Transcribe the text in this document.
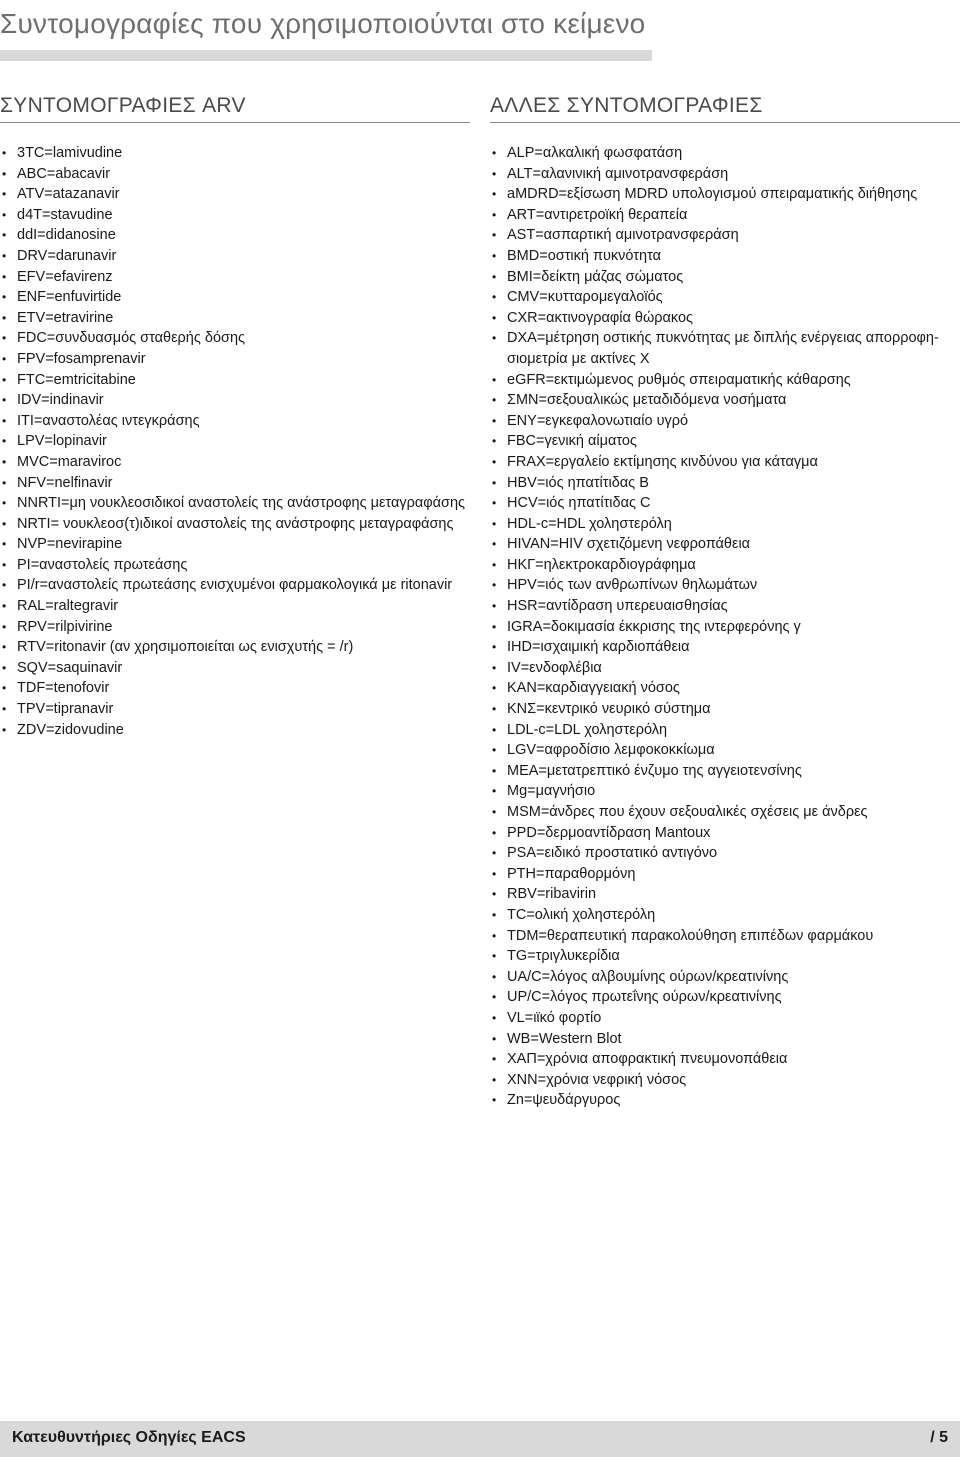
Συντομογραφίες που χρησιμοποιούνται στο κείμενο
ΣΥΝΤΟΜΟΓΡΑΦΙΕΣ ARV
• 3TC=lamivudine
• ABC=abacavir
• ATV=atazanavir
• d4T=stavudine
• ddI=didanosine
• DRV=darunavir
• EFV=efavirenz
• ENF=enfuvirtide
• ETV=etravirine
• FDC=συνδυασμός σταθερής δόσης
• FPV=fosamprenavir
• FTC=emtricitabine
• IDV=indinavir
• ITI=αναστολέας ιντεγκράσης
• LPV=lopinavir
• MVC=maraviroc
• NFV=nelfinavir
• NNRTI=μη νουκλεοσιδικοί αναστολείς της ανάστροφης μεταγραφάσης
• NRTI= νουκλεοσ(τ)ιδικοί αναστολείς της ανάστροφης μεταγραφάσης
• NVP=nevirapine
• PI=αναστολείς πρωτεάσης
• PI/r=αναστολείς πρωτεάσης ενισχυμένοι φαρμακολογικά με ritonavir
• RAL=raltegravir
• RPV=rilpivirine
• RTV=ritonavir (αν χρησιμοποιείται ως ενισχυτής = /r)
• SQV=saquinavir
• TDF=tenofovir
• TPV=tipranavir
• ZDV=zidovudine
ΑΛΛΕΣ ΣΥΝΤΟΜΟΓΡΑΦΙΕΣ
• ALP=αλκαλική φωσφατάση
• ALT=αλανινική αμινοτρανσφεράση
• aMDRD=εξίσωση MDRD υπολογισμού σπειραματικής διήθησης
• ART=αντιρετροϊκή θεραπεία
• AST=ασπαρτική αμινοτρανσφεράση
• BMD=οστική πυκνότητα
• BMI=δείκτη μάζας σώματος
• CMV=κυτταρομεγαλοϊός
• CXR=ακτινογραφία θώρακος
• DXA=μέτρηση οστικής πυκνότητας με διπλής ενέργειας απορροφη-σιομετρία με ακτίνες X
• eGFR=εκτιμώμενος ρυθμός σπειραματικής κάθαρσης
• ΣΜΝ=σεξουαλικώς μεταδιδόμενα νοσήματα
• ΕΝΥ=εγκεφαλονωτιαίο υγρό
• FBC=γενική αίματος
• FRAX=εργαλείο εκτίμησης κινδύνου για κάταγμα
• HBV=ιός ηπατίτιδας B
• HCV=ιός ηπατίτιδας C
• HDL-c=HDL χοληστερόλη
• HIVAN=HIV σχετιζόμενη νεφροπάθεια
• ΗΚΓ=ηλεκτροκαρδιογράφημα
• HPV=ιός των ανθρωπίνων θηλωμάτων
• HSR=αντίδραση υπερευαισθησίας
• IGRA=δοκιμασία έκκρισης της ιντερφερόνης γ
• IHD=ισχαιμική καρδιοπάθεια
• IV=ενδοφλέβια
• ΚΑΝ=καρδιαγγειακή νόσος
• ΚΝΣ=κεντρικό νευρικό σύστημα
• LDL-c=LDL χοληστερόλη
• LGV=αφροδίσιο λεμφοκοκκίωμα
• ΜΕΑ=μετατρεπτικό ένζυμο της αγγειοτενσίνης
• Mg=μαγνήσιο
• MSM=άνδρες που έχουν σεξουαλικές σχέσεις με άνδρες
• PPD=δερμοαντίδραση Mantoux
• PSA=ειδικό προστατικό αντιγόνο
• PTH=παραθορμόνη
• RBV=ribavirin
• TC=ολική χοληστερόλη
• TDM=θεραπευτική παρακολούθηση επιπέδων φαρμάκου
• TG=τριγλυκερίδια
• UA/C=λόγος αλβουμίνης ούρων/κρεατινίνης
• UP/C=λόγος πρωτεΐνης ούρων/κρεατινίνης
• VL=ιϊκό φορτίο
• WB=Western Blot
• ΧΑΠ=χρόνια αποφρακτική πνευμονοπάθεια
• ΧΝΝ=χρόνια νεφρική νόσος
• Zn=ψευδάργυρος
Κατευθυντήριες Οδηγίες EACS	/ 5
